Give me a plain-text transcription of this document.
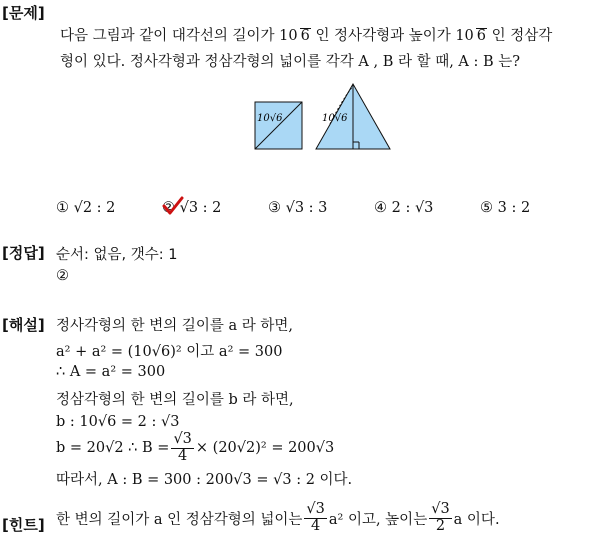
[문제]
다음 그림과 같이 대각선의 길이가 10 6 인 정사각형과 높이가 10 6 인 정삼각
형이 있다. 정사각형과 정삼각형의 넓이를 각각 A , B 라 할 때, A : B 는?
10√6	10√6
① √2 : 2	② √3 : 2	③ √3 : 3	④ 2 : √3	⑤ 3 : 2
[정답] 순서: 없음, 갯수: 1
②
[해설] 정사각형의 한 변의 길이를 a 라 하면,
a² + a² = (10√6)² 이고 a² = 300
∴ A = a² = 300
정삼각형의 한 변의 길이를 b 라 하면,
b : 10√6 = 2 : √3
b = 20√2 ∴ $B = \frac{√3}{4} \times (20√2)^2 = 200√3$
따라서, A : B = 300 : 200√3 = √3 : 2 이다.
[힌트] 한 변의 길이가 a 인 정삼각형의 넓이는 $\frac{√3}{4} a^2$ 이고, 높이는 $\frac{√3}{2}$ a 이다.
